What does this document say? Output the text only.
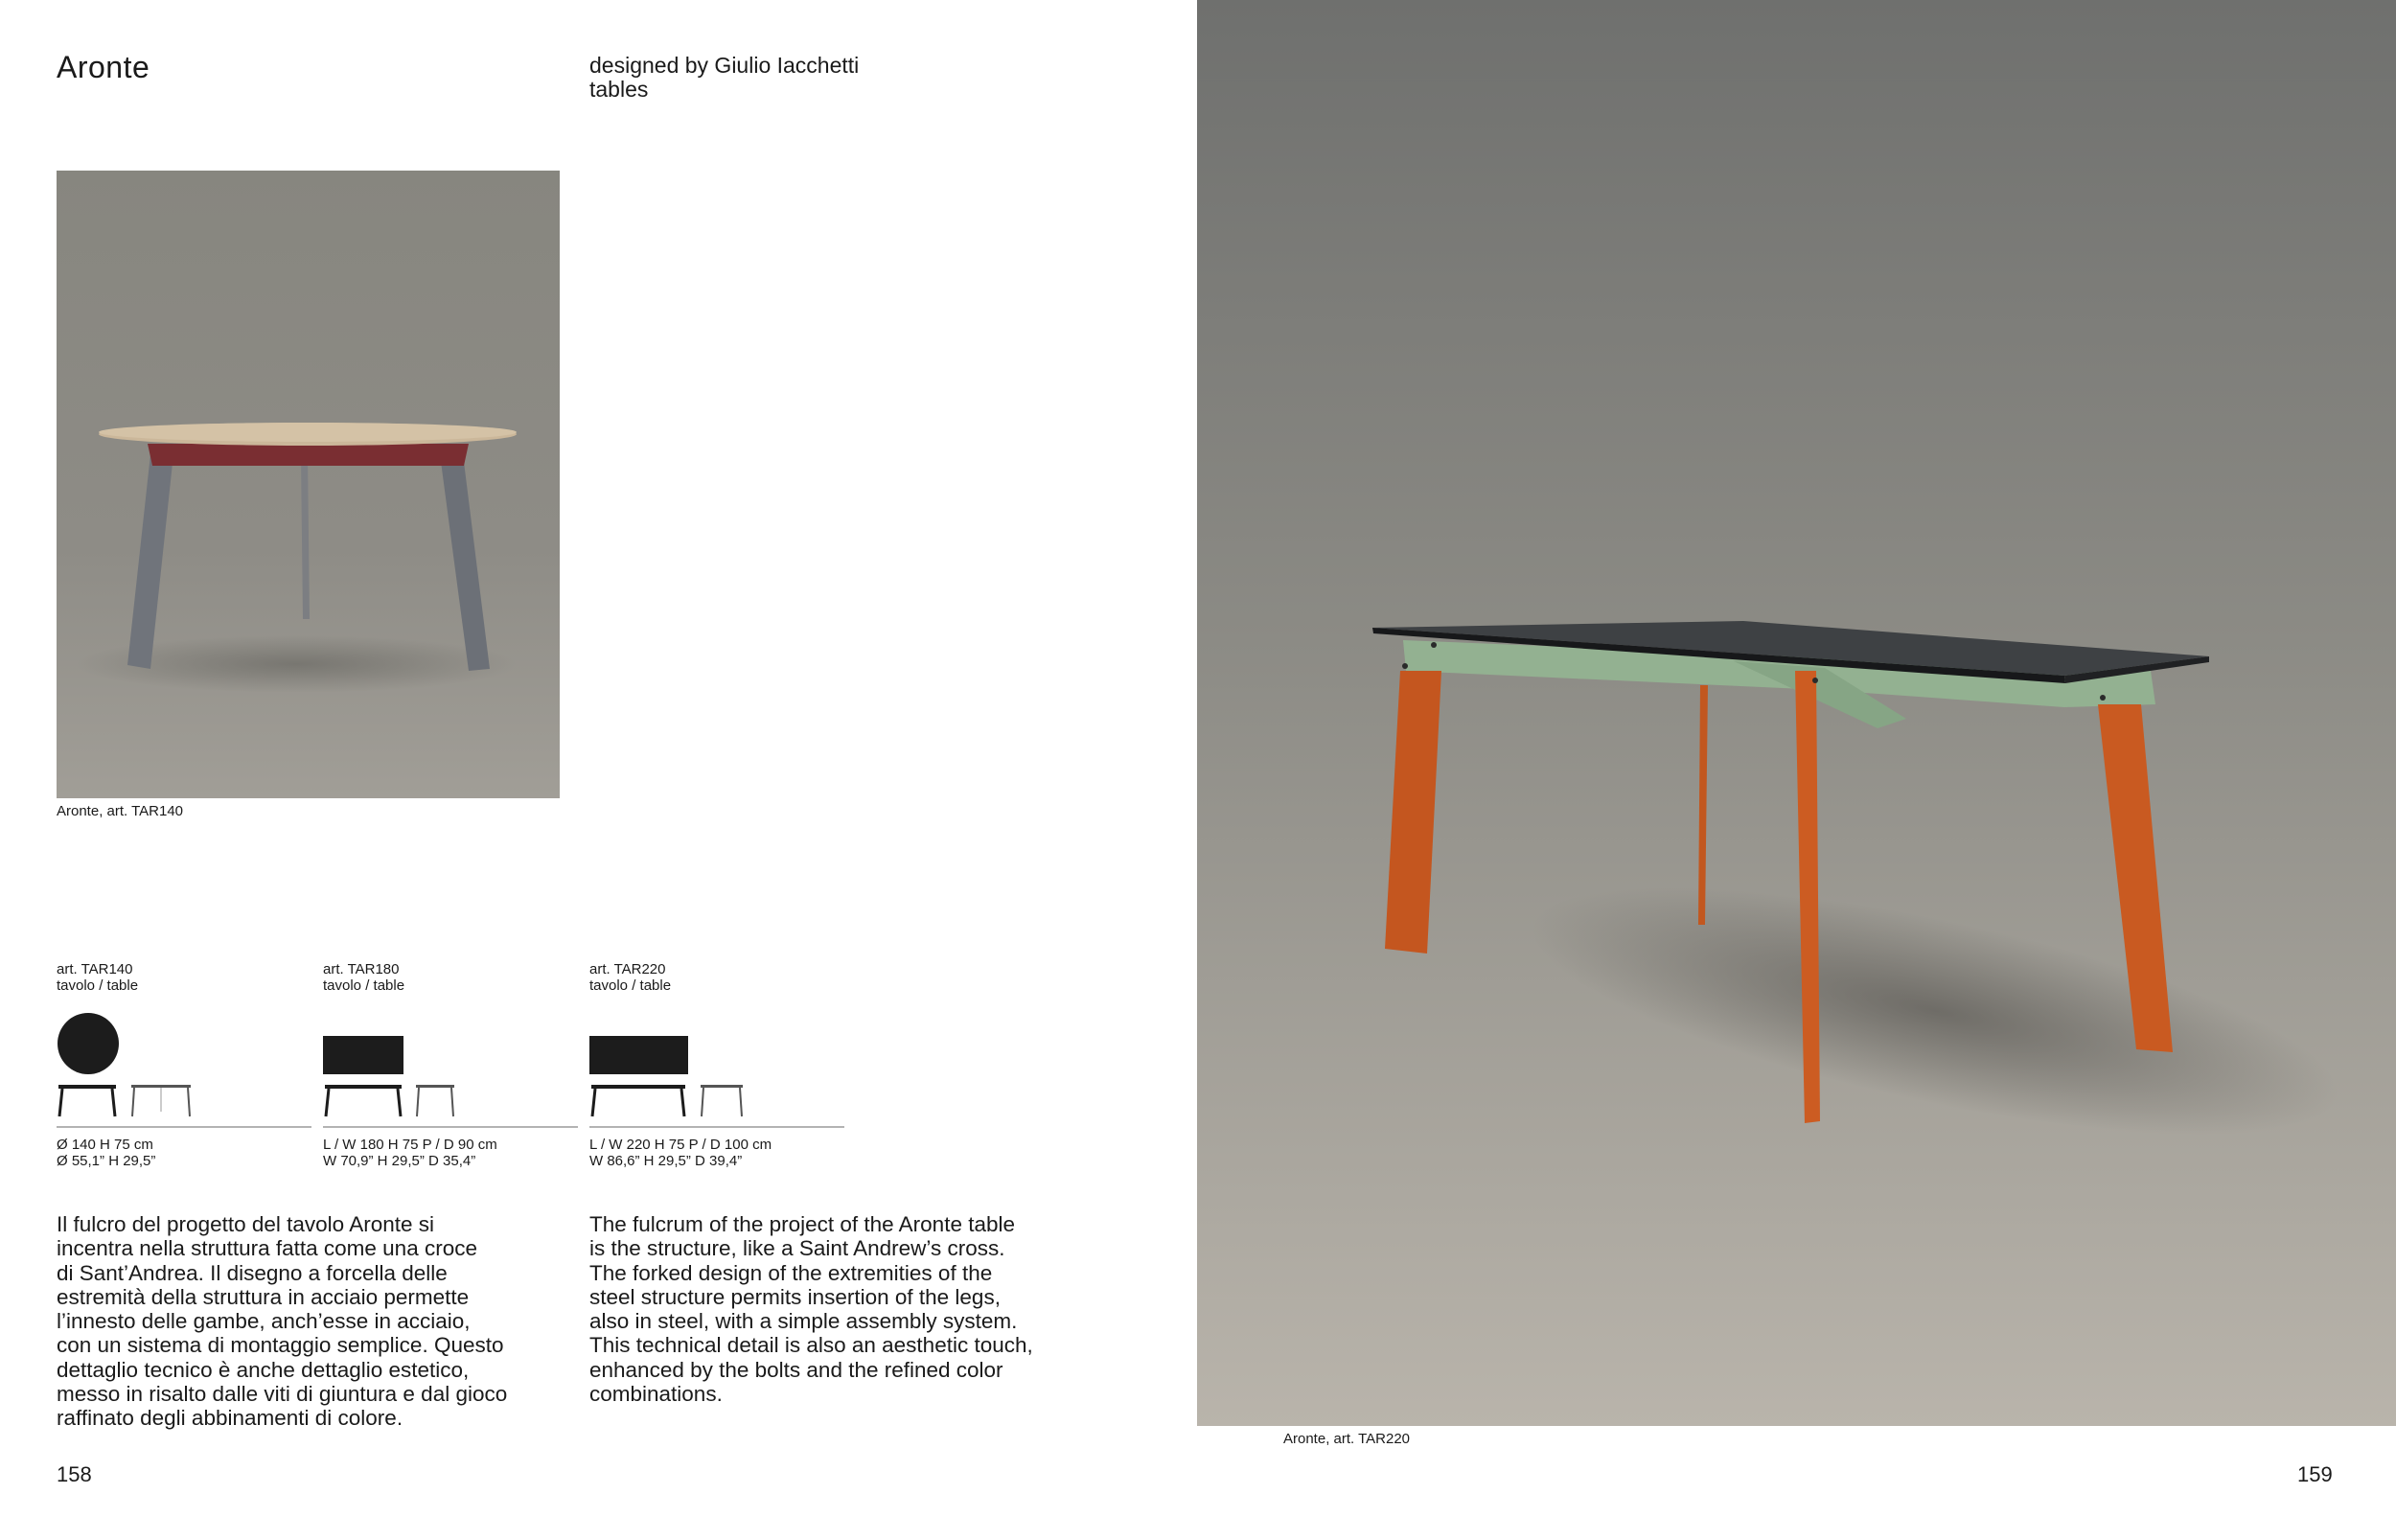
Aronte	designed by Giulio Iacchetti
tables
Aronte, art. TAR140
Aronte, art. TAR220
art. TAR140
tavolo / table
art. TAR180
tavolo / table
art. TAR220
tavolo / table
Ø 140 H 75 cm
Ø 55,1” H 29,5”
L / W 180 H 75 P / D 90 cm
W 70,9” H 29,5” D 35,4”
L / W 220 H 75 P / D 100 cm
W 86,6” H 29,5” D 39,4”
Il fulcro del progetto del tavolo Aronte si
incentra nella struttura fatta come una croce
di Sant’Andrea. Il disegno a forcella delle
estremità della struttura in acciaio permette
l’innesto delle gambe, anch’esse in acciaio,
con un sistema di montaggio semplice. Questo
dettaglio tecnico è anche dettaglio estetico,
messo in risalto dalle viti di giuntura e dal gioco
raffinato degli abbinamenti di colore.
The fulcrum of the project of the Aronte table
is the structure, like a Saint Andrew’s cross.
The forked design of the extremities of the
steel structure permits insertion of the legs,
also in steel, with a simple assembly system.
This technical detail is also an aesthetic touch,
enhanced by the bolts and the refined color
combinations.
158	159
